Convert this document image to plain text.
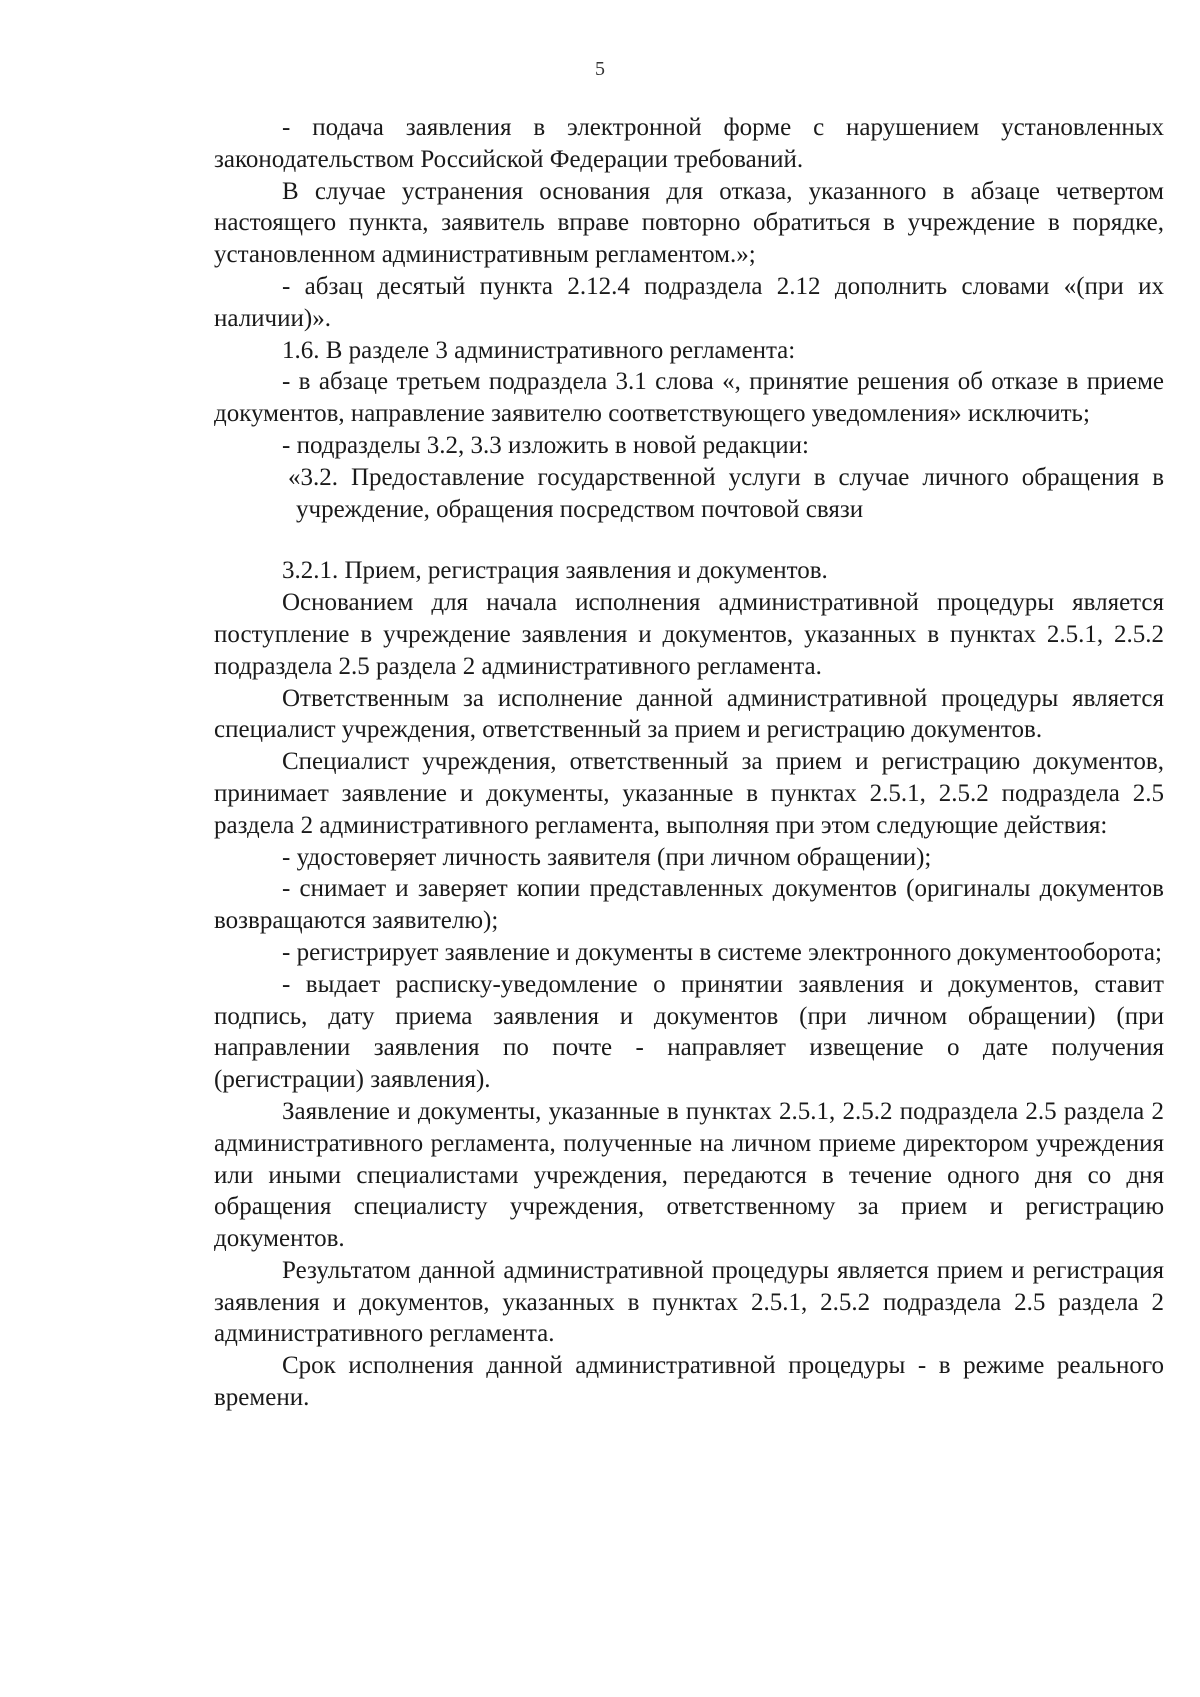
5

- подача заявления в электронной форме с нарушением установленных законодательством Российской Федерации требований.

В случае устранения основания для отказа, указанного в абзаце четвертом настоящего пункта, заявитель вправе повторно обратиться в учреждение в порядке, установленном административным регламентом.»;

- абзац десятый пункта 2.12.4 подраздела 2.12 дополнить словами «(при их наличии)».

1.6. В разделе 3 административного регламента:

- в абзаце третьем подраздела 3.1 слова «, принятие решения об отказе в приеме документов, направление заявителю соответствующего уведомления» исключить;

- подразделы 3.2, 3.3 изложить в новой редакции:

«3.2. Предоставление государственной услуги в случае личного обращения в учреждение, обращения посредством почтовой связи

3.2.1. Прием, регистрация заявления и документов.

Основанием для начала исполнения административной процедуры является поступление в учреждение заявления и документов, указанных в пунктах 2.5.1, 2.5.2 подраздела 2.5 раздела 2 административного регламента.

Ответственным за исполнение данной административной процедуры является специалист учреждения, ответственный за прием и регистрацию документов.

Специалист учреждения, ответственный за прием и регистрацию документов, принимает заявление и документы, указанные в пунктах 2.5.1, 2.5.2 подраздела 2.5 раздела 2 административного регламента, выполняя при этом следующие действия:

- удостоверяет личность заявителя (при личном обращении);

- снимает и заверяет копии представленных документов (оригиналы документов возвращаются заявителю);

- регистрирует заявление и документы в системе электронного документооборота;

- выдает расписку-уведомление о принятии заявления и документов, ставит подпись, дату приема заявления и документов (при личном обращении) (при направлении заявления по почте - направляет извещение о дате получения (регистрации) заявления).

Заявление и документы, указанные в пунктах 2.5.1, 2.5.2 подраздела 2.5 раздела 2 административного регламента, полученные на личном приеме директором учреждения или иными специалистами учреждения, передаются в течение одного дня со дня обращения специалисту учреждения, ответственному за прием и регистрацию документов.

Результатом данной административной процедуры является прием и регистрация заявления и документов, указанных в пунктах 2.5.1, 2.5.2 подраздела 2.5 раздела 2 административного регламента.

Срок исполнения данной административной процедуры - в режиме реального времени.
